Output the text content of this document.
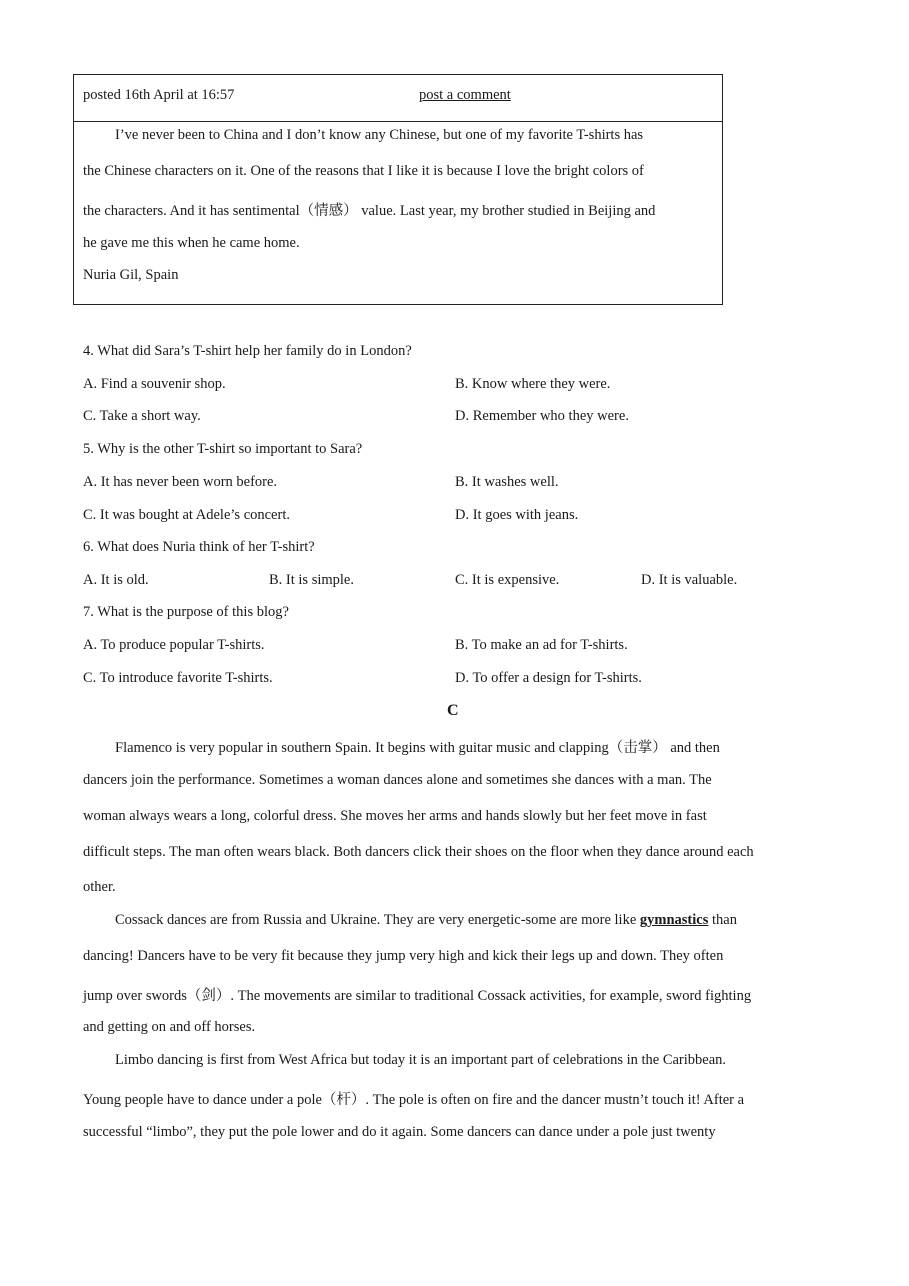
posted 16th April at 16:57	post a comment
I’ve never been to China and I don’t know any Chinese, but one of my favorite T-shirts has
the Chinese characters on it. One of the reasons that I like it is because I love the bright colors of
the characters. And it has sentimental（情感） value. Last year, my brother studied in Beijing and
he gave me this when he came home.
Nuria Gil, Spain
4. What did Sara’s T-shirt help her family do in London?
A. Find a souvenir shop.	B. Know where they were.
C. Take a short way.	D. Remember who they were.
5. Why is the other T-shirt so important to Sara?
A. It has never been worn before.	B. It washes well.
C. It was bought at Adele’s concert.	D. It goes with jeans.
6. What does Nuria think of her T-shirt?
A. It is old.	B. It is simple.	C. It is expensive.	D. It is valuable.
7. What is the purpose of this blog?
A. To produce popular T-shirts.	B. To make an ad for T-shirts.
C. To introduce favorite T-shirts.	D. To offer a design for T-shirts.
C
Flamenco is very popular in southern Spain. It begins with guitar music and clapping（击掌） and then
dancers join the performance. Sometimes a woman dances alone and sometimes she dances with a man. The
woman always wears a long, colorful dress. She moves her arms and hands slowly but her feet move in fast
difficult steps. The man often wears black. Both dancers click their shoes on the floor when they dance around each
other.
Cossack dances are from Russia and Ukraine. They are very energetic-some are more like gymnastics than
dancing! Dancers have to be very fit because they jump very high and kick their legs up and down. They often
jump over swords（剑）. The movements are similar to traditional Cossack activities, for example, sword fighting
and getting on and off horses.
Limbo dancing is first from West Africa but today it is an important part of celebrations in the Caribbean.
Young people have to dance under a pole（杆）. The pole is often on fire and the dancer mustn’t touch it! After a
successful “limbo”, they put the pole lower and do it again. Some dancers can dance under a pole just twenty
